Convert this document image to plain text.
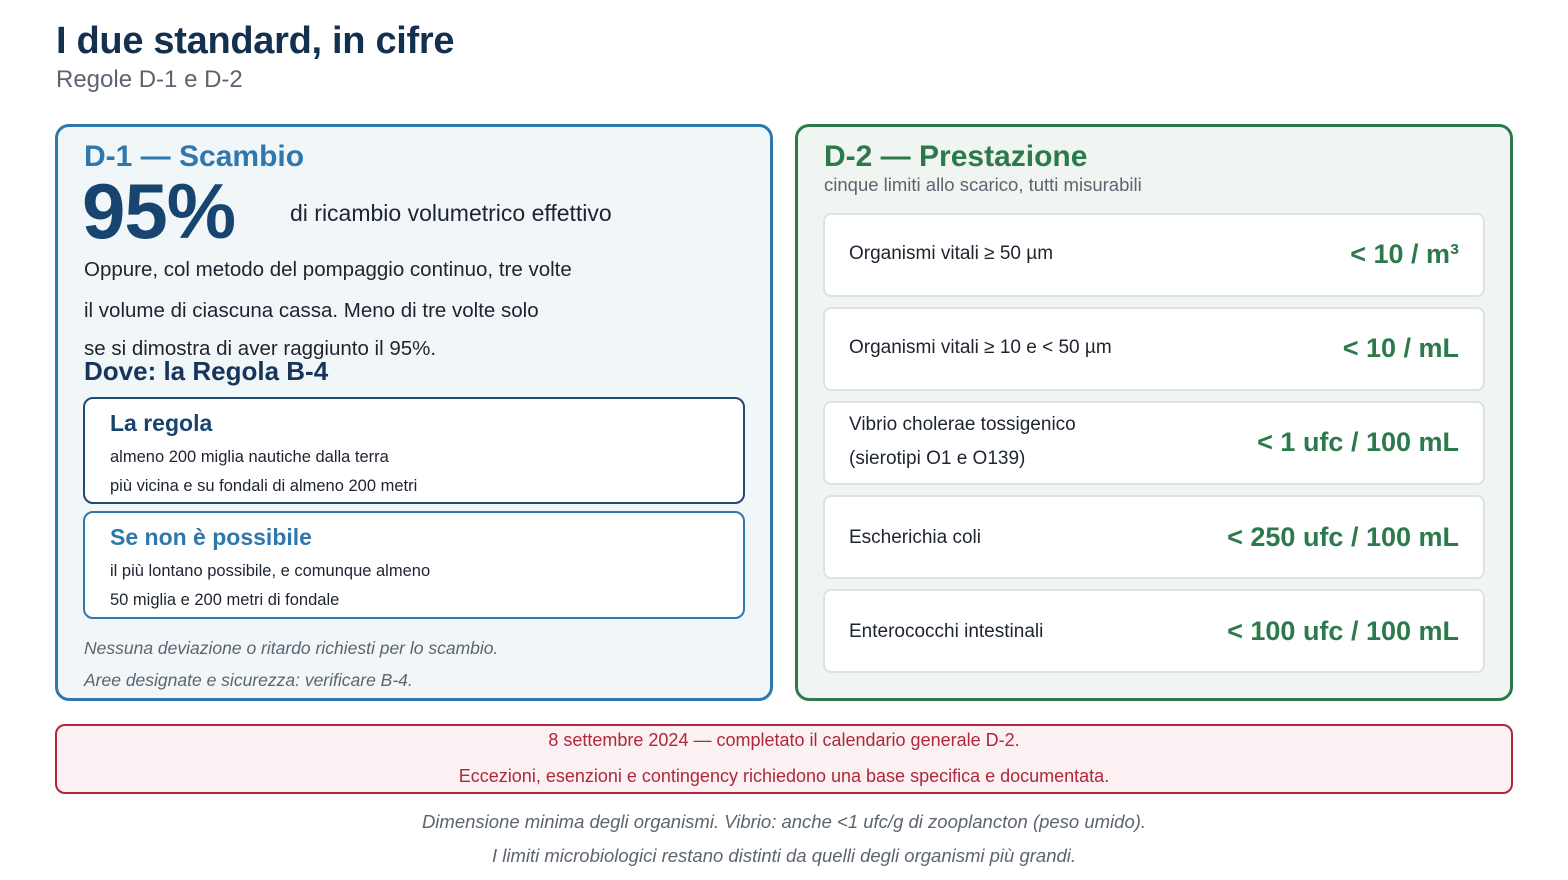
I due standard, in cifre
Regole D-1 e D-2
D-1 — Scambio
95% di ricambio volumetrico effettivo
Oppure, col metodo del pompaggio continuo, tre volte
il volume di ciascuna cassa. Meno di tre volte solo
se si dimostra di aver raggiunto il 95%.
Dove: la Regola B-4
La regola
almeno 200 miglia nautiche dalla terra
più vicina e su fondali di almeno 200 metri
Se non è possibile
il più lontano possibile, e comunque almeno
50 miglia e 200 metri di fondale
Nessuna deviazione o ritardo richiesti per lo scambio.
Aree designate e sicurezza: verificare B-4.
D-2 — Prestazione
cinque limiti allo scarico, tutti misurabili
Organismi vitali ≥ 50 µm	< 10 / m³
Organismi vitali ≥ 10 e < 50 µm	< 10 / mL
Vibrio cholerae tossigenico
(sierotipi O1 e O139)
< 1 ufc / 100 mL
Escherichia coli	< 250 ufc / 100 mL
Enterococchi intestinali	< 100 ufc / 100 mL
8 settembre 2024 — completato il calendario generale D-2.
Eccezioni, esenzioni e contingency richiedono una base specifica e documentata.
Dimensione minima degli organismi. Vibrio: anche <1 ufc/g di zooplancton (peso umido).
I limiti microbiologici restano distinti da quelli degli organismi più grandi.
